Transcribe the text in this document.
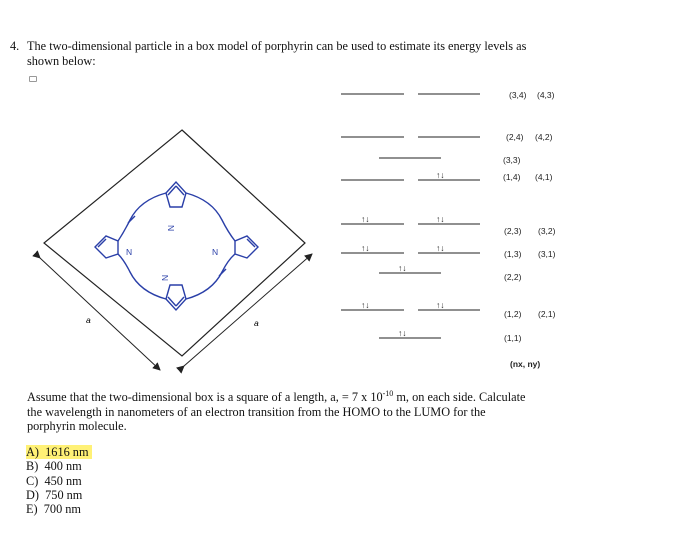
4. The two-dimensional particle in a box model of porphyrin can be used to estimate its energy levels as shown below:
a	a
N
N	N
N
↑↓
↑↓	↑↓
↑↓	↑↓
↑↓
↑↓	↑↓
↑↓
(3,4) (4,3)
(2,4) (4,2)
(3,3)
(1,4) (4,1)
(2,3) (3,2)
(1,3) (3,1)
(2,2)
(1,2) (2,1)
(1,1)
(nx, ny)
Assume that the two-dimensional box is a square of a length, a, = 7 x $10^{-10}$ m, on each side. Calculate the wavelength in nanometers of an electron transition from the HOMO to the LUMO for the porphyrin molecule.
A) 1616 nm
B) 400 nm
C) 450 nm
D) 750 nm
E) 700 nm
